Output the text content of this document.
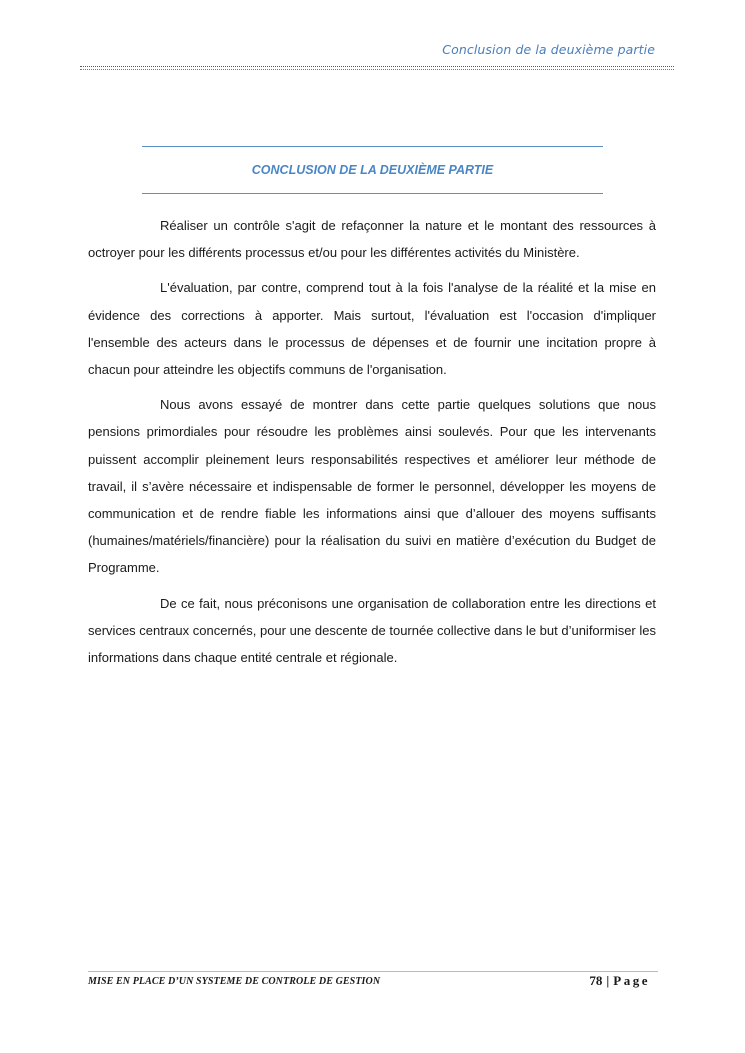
Conclusion de la deuxième partie
CONCLUSION DE LA DEUXIÈME PARTIE

Réaliser un contrôle s'agit de refaçonner la nature et le montant des ressources à octroyer pour les différents processus et/ou pour les différentes activités du Ministère.

L'évaluation, par contre, comprend tout à la fois l'analyse de la réalité et la mise en évidence des corrections à apporter. Mais surtout, l'évaluation est l'occasion d'impliquer l'ensemble des acteurs dans le processus de dépenses et de fournir une incitation propre à chacun pour atteindre les objectifs communs de l'organisation.

Nous avons essayé de montrer dans cette partie quelques solutions que nous pensions primordiales pour résoudre les problèmes ainsi soulevés. Pour que les intervenants puissent accomplir pleinement leurs responsabilités respectives et améliorer leur méthode de travail, il s’avère nécessaire et indispensable de former le personnel, développer les moyens de communication et de rendre fiable les informations ainsi que d’allouer des moyens suffisants (humaines/matériels/financière) pour la réalisation du suivi en matière d’exécution du Budget de Programme.

De ce fait, nous préconisons une organisation de collaboration entre les directions et services centraux concernés, pour une descente de tournée collective dans le but d’uniformiser les informations dans chaque entité centrale et régionale.

MISE EN PLACE D’UN SYSTEME DE CONTROLE DE GESTION	78 | Page
